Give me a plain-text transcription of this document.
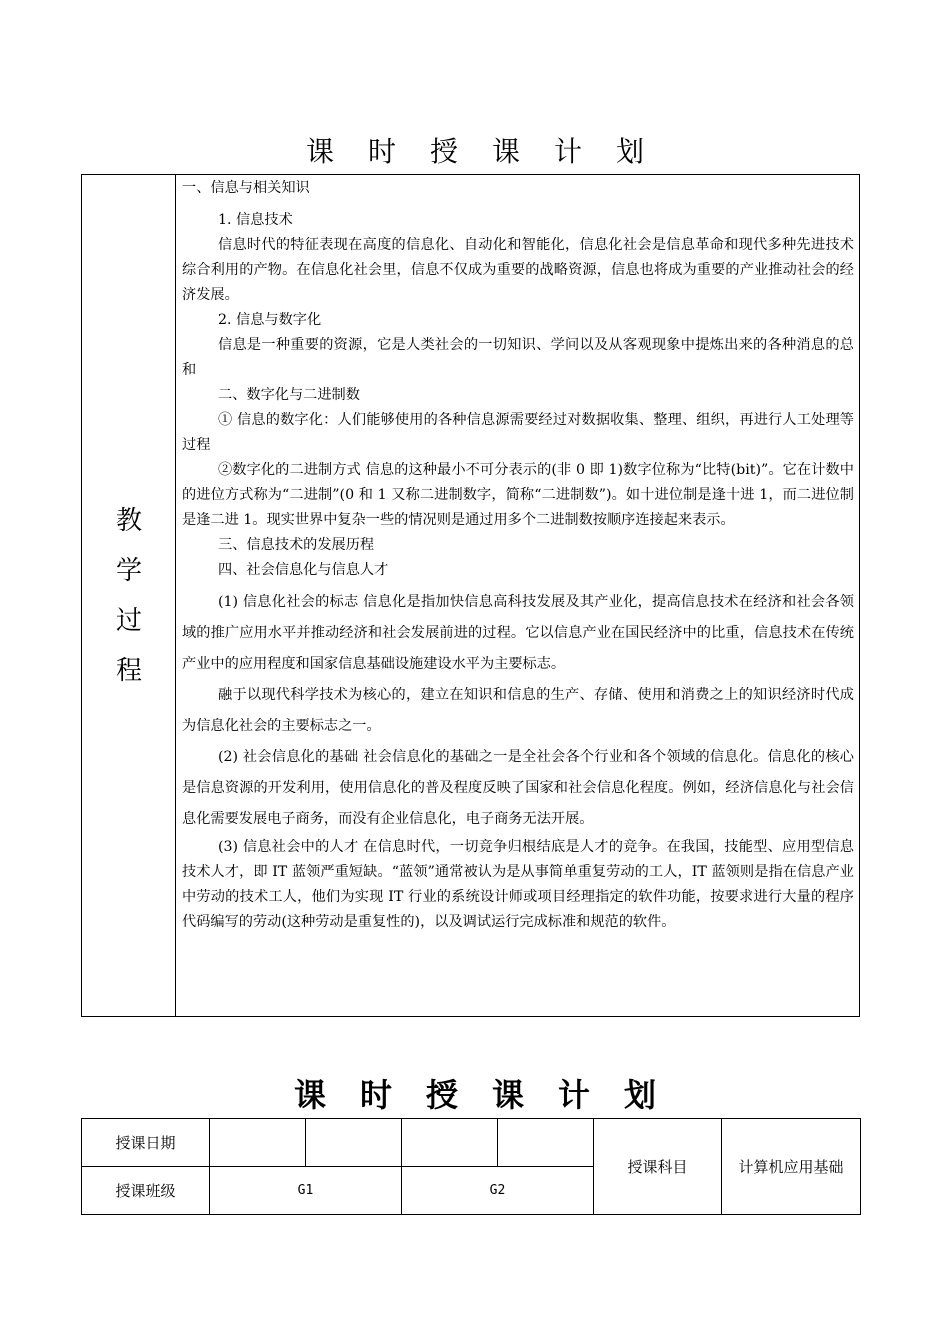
课时授课计划
教
学
过
程

一、信息与相关知识

1. 信息技术

信息时代的特征表现在高度的信息化、自动化和智能化，信息化社会是信息革命和现代多种先进技术综合利用的产物。在信息化社会里，信息不仅成为重要的战略资源，信息也将成为重要的产业推动社会的经济发展。

2. 信息与数字化

信息是一种重要的资源，它是人类社会的一切知识、学问以及从客观现象中提炼出来的各种消息的总和

二、数字化与二进制数

① 信息的数字化：人们能够使用的各种信息源需要经过对数据收集、整理、组织，再进行人工处理等过程

②数字化的二进制方式 信息的这种最小不可分表示的(非 0 即 1)数字位称为“比特(bit)”。它在计数中的进位方式称为“二进制”(0 和 1 又称二进制数字，简称“二进制数”)。如十进位制是逢十进 1，而二进位制是逢二进 1。现实世界中复杂一些的情况则是通过用多个二进制数按顺序连接起来表示。

三、信息技术的发展历程

四、社会信息化与信息人才

(1) 信息化社会的标志 信息化是指加快信息高科技发展及其产业化，提高信息技术在经济和社会各领域的推广应用水平并推动经济和社会发展前进的过程。它以信息产业在国民经济中的比重，信息技术在传统产业中的应用程度和国家信息基础设施建设水平为主要标志。

融于以现代科学技术为核心的，建立在知识和信息的生产、存储、使用和消费之上的知识经济时代成为信息化社会的主要标志之一。

(2) 社会信息化的基础 社会信息化的基础之一是全社会各个行业和各个领域的信息化。信息化的核心是信息资源的开发利用，使用信息化的普及程度反映了国家和社会信息化程度。例如，经济信息化与社会信息化需要发展电子商务，而没有企业信息化，电子商务无法开展。

(3) 信息社会中的人才 在信息时代，一切竞争归根结底是人才的竞争。在我国，技能型、应用型信息技术人才，即 IT 蓝领严重短缺。“蓝领”通常被认为是从事简单重复劳动的工人，IT 蓝领则是指在信息产业中劳动的技术工人，他们为实现 IT 行业的系统设计师或项目经理指定的软件功能，按要求进行大量的程序代码编写的劳动(这种劳动是重复性的)，以及调试运行完成标准和规范的软件。

课时授课计划
授课日期					授课科目	计算机应用基础
授课班级	G1		G2			
